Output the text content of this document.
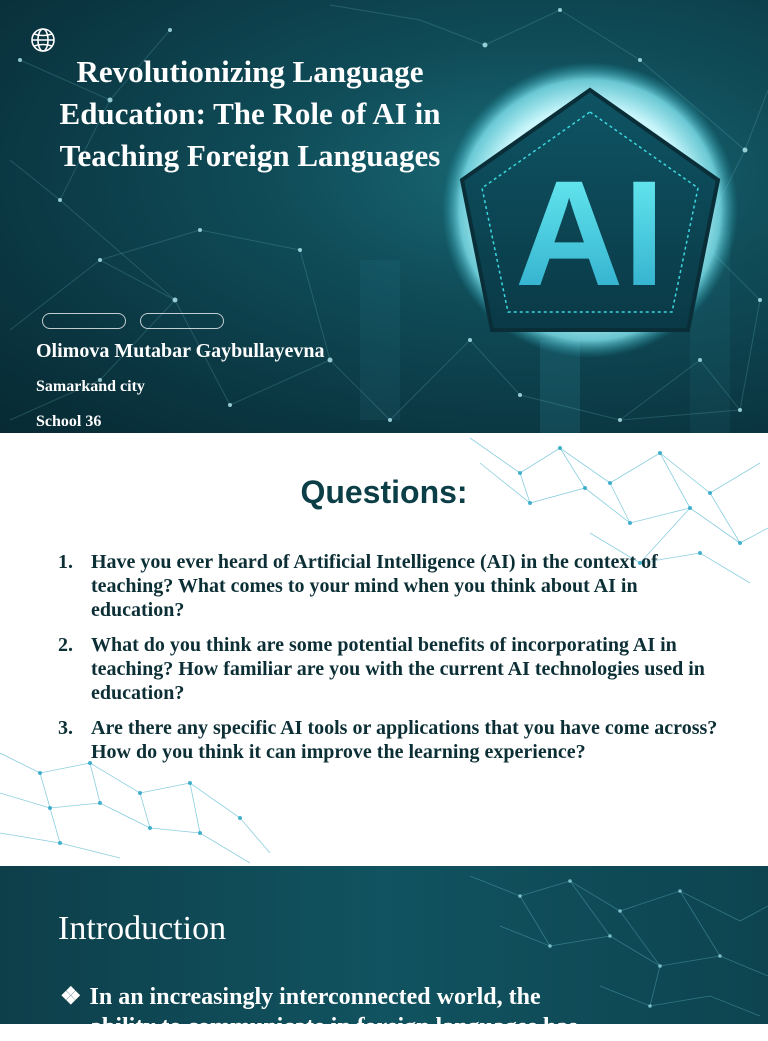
Revolutionizing Language Education: The Role of AI in Teaching Foreign Languages AI
Olimova Mutabar Gaybullayevna
Samarkand city
School 36
Questions:
1. Have you ever heard of Artificial Intelligence (AI) in the context of teaching? What comes to your mind when you think about AI in education?
2. What do you think are some potential benefits of incorporating AI in teaching? How familiar are you with the current AI technologies used in education?
3. Are there any specific AI tools or applications that you have come across? How do you think it can improve the learning experience?
Introduction
❖ In an increasingly interconnected world, the
ability to communicate in foreign languages has
